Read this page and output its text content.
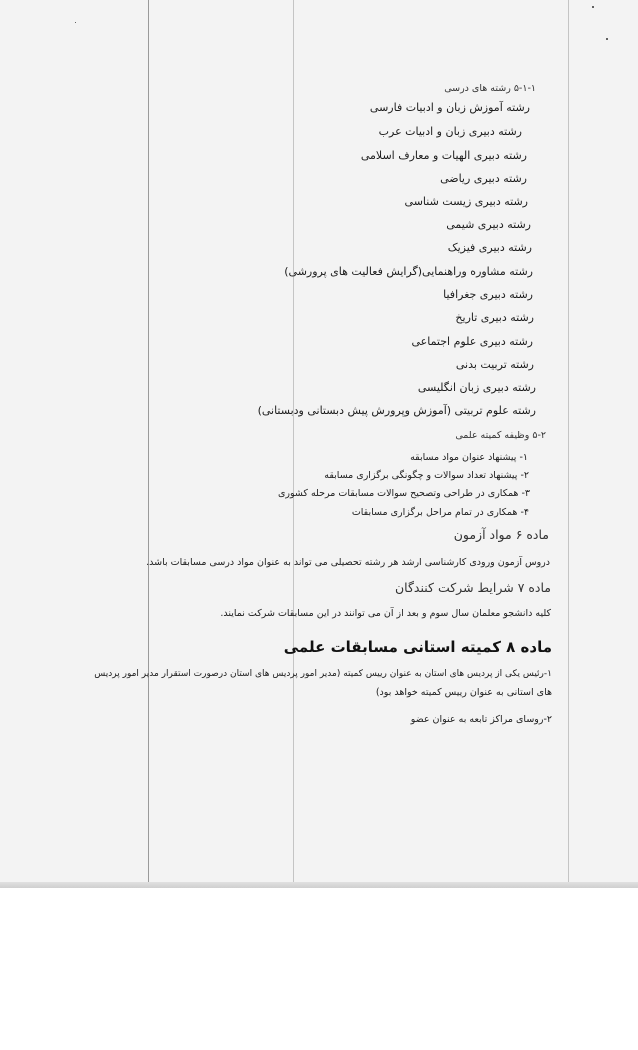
۵-۱-۱ رشته های درسی
رشته آموزش زبان و ادبیات فارسی
رشته دبیری زبان و ادبیات عرب
رشته دبیری الهیات و معارف اسلامی
رشته دبیری ریاضی
رشته دبیری زیست شناسی
رشته دبیری شیمی
رشته دبیری فیزیک
رشته مشاوره وراهنمایی(گرایش فعالیت های پرورشی)
رشته دبیری جغرافیا
رشته دبیری تاریخ
رشته دبیری علوم اجتماعی
رشته تربیت بدنی
رشته دبیری زبان انگلیسی
رشته علوم تربیتی (آموزش وپرورش پیش دبستانی ودبستانی)
۵-۲ وظیفه کمیته علمی
۱- پیشنهاد عنوان مواد مسابقه
۲- پیشنهاد تعداد سوالات و چگونگی برگزاری مسابقه
۳- همکاری در طراحی وتصحیح سوالات مسابقات مرحله کشوری
۴- همکاری در تمام مراحل برگزاری مسابقات
ماده ۶ مواد آزمون
دروس آزمون ورودی کارشناسی ارشد هر رشته تحصیلی می تواند به عنوان مواد درسی مسابقات باشد.
ماده ۷ شرایط شرکت کنندگان
کلیه دانشجو معلمان سال سوم و بعد از آن می توانند در این مسابقات شرکت نمایند.
ماده ۸ کمیته استانی مسابقات علمی
۱-رئیس یکی از پردیس های استان به عنوان رییس کمیته (مدیر امور پردیس های استان درصورت استقرار مدیر امور پردیس
های استانی به عنوان رییس کمیته خواهد بود)
۲-روسای مراکز تابعه به عنوان عضو
